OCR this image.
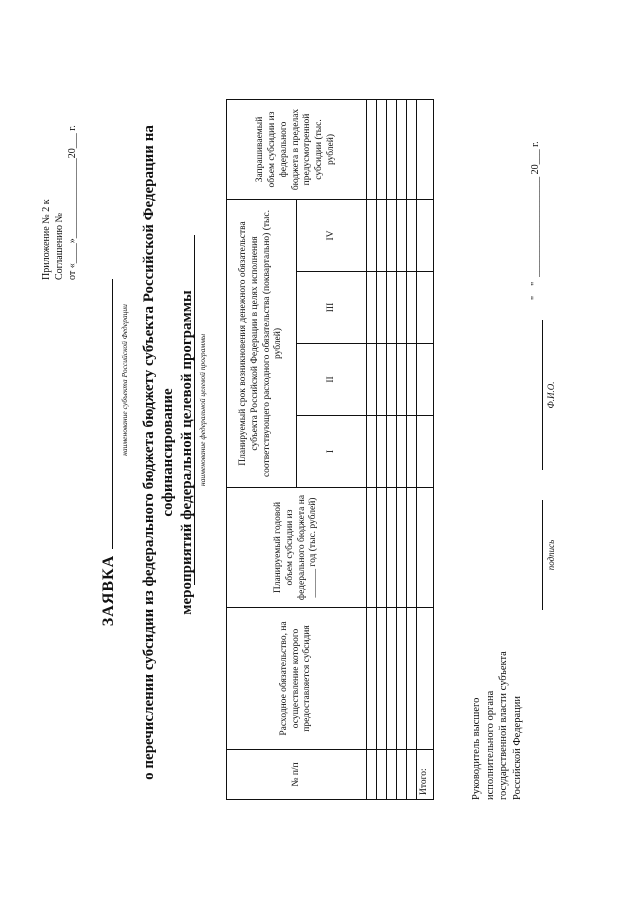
Приложение № 2 к Соглашению № от «____»________________20___ г.
ЗАЯВКА
наименование субъекта Российской Федерации о перечислении субсидии из федерального бюджета бюджету субъекта Российской Федерации на софинансирование мероприятий федеральной целевой программы наименование федеральной целевой программы
№ п/п	Расходное обязательство, на осуществление которого предоставляется субсидия	Планируемый годовой объем субсидии из федерального бюджета на ______ год (тыс. рублей)	Планируемый срок возникновения денежного обязательства субъекта Российской Федерации в целях исполнения соответствующего расходного обязательства (поквартально) (тыс. рублей)				Запрашиваемый объем субсидии из федерального бюджета в пределах предусмотренной субсидии (тыс. рублей)
			I	II	III	IV	

Итого:								Руководитель высшего исполнительного органа государственной власти субъекта Российской Федерации
подпись
Ф.И.О.
"    "  ____________________ 20___ г.
